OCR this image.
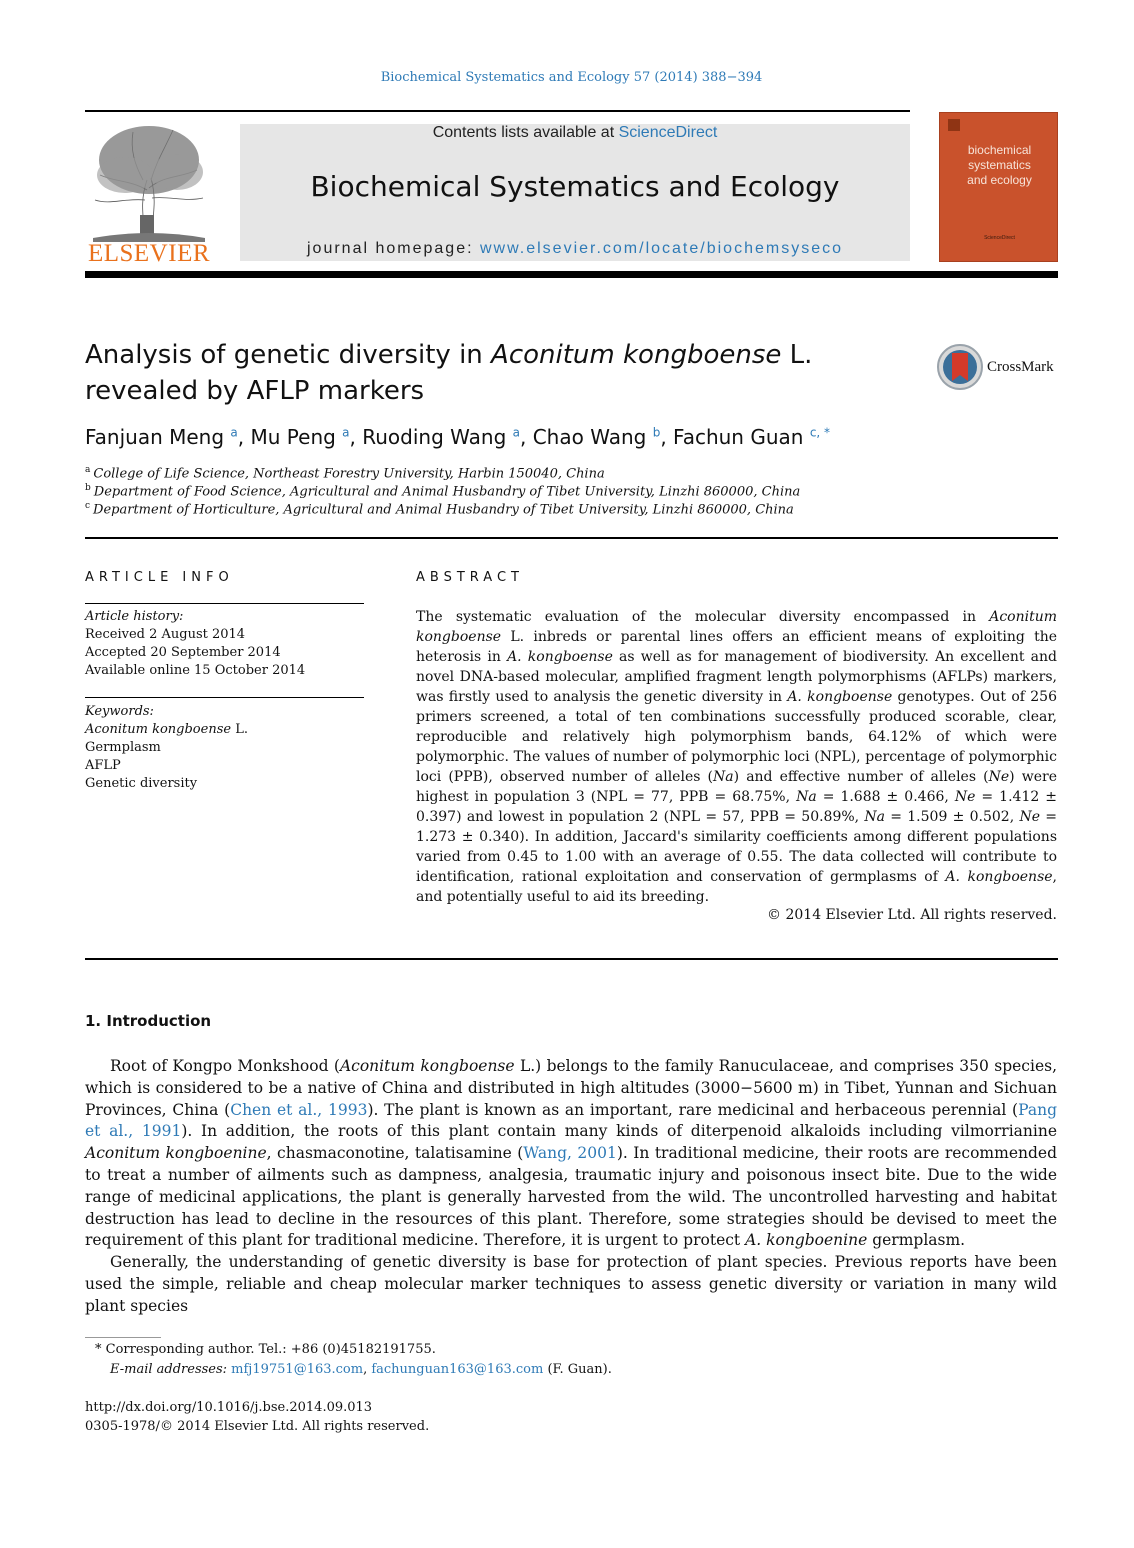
Biochemical Systematics and Ecology 57 (2014) 388−394
ELSEVIER
Contents lists available at ScienceDirect
Biochemical Systematics and Ecology
journal homepage: www.elsevier.com/locate/biochemsyseco
biochemical
systematics
and ecology
ScienceDirect
Analysis of genetic diversity in Aconitum kongboense L.
revealed by AFLP markers
CrossMark
Fanjuan Meng $^a$, Mu Peng $^a$, Ruoding Wang $^a$, Chao Wang $^b$, Fachun Guan $^{c, *}$
$^a$ College of Life Science, Northeast Forestry University, Harbin 150040, China
$^b$ Department of Food Science, Agricultural and Animal Husbandry of Tibet University, Linzhi 860000, China
$^c$ Department of Horticulture, Agricultural and Animal Husbandry of Tibet University, Linzhi 860000, China
ARTICLE INFO
Article history:
Received 2 August 2014
Accepted 20 September 2014
Available online 15 October 2014
Keywords:
Aconitum kongboense L.
Germplasm
AFLP
Genetic diversity
ABSTRACT
The systematic evaluation of the molecular diversity encompassed in Aconitum kongboense L. inbreds or parental lines offers an efficient means of exploiting the heterosis in A. kongboense as well as for management of biodiversity. An excellent and novel DNA-based molecular, amplified fragment length polymorphisms (AFLPs) markers, was firstly used to analysis the genetic diversity in A. kongboense genotypes. Out of 256 primers screened, a total of ten combinations successfully produced scorable, clear, reproducible and relatively high polymorphism bands, 64.12% of which were polymorphic. The values of number of polymorphic loci (NPL), percentage of polymorphic loci (PPB), observed number of alleles (Na) and effective number of alleles (Ne) were highest in population 3 (NPL = 77, PPB = 68.75%, Na = 1.688 ± 0.466, Ne = 1.412 ± 0.397) and lowest in population 2 (NPL = 57, PPB = 50.89%, Na = 1.509 ± 0.502, Ne = 1.273 ± 0.340). In addition, Jaccard's similarity coefficients among different populations varied from 0.45 to 1.00 with an average of 0.55. The data collected will contribute to identification, rational exploitation and conservation of germplasms of A. kongboense, and potentially useful to aid its breeding.
© 2014 Elsevier Ltd. All rights reserved.
1. Introduction

Root of Kongpo Monkshood (Aconitum kongboense L.) belongs to the family Ranuculaceae, and comprises 350 species, which is considered to be a native of China and distributed in high altitudes (3000−5600 m) in Tibet, Yunnan and Sichuan Provinces, China (Chen et al., 1993). The plant is known as an important, rare medicinal and herbaceous perennial (Pang et al., 1991). In addition, the roots of this plant contain many kinds of diterpenoid alkaloids including vilmorrianine Aconitum kongboenine, chasmaconotine, talatisamine (Wang, 2001). In traditional medicine, their roots are recommended to treat a number of ailments such as dampness, analgesia, traumatic injury and poisonous insect bite. Due to the wide range of medicinal applications, the plant is generally harvested from the wild. The uncontrolled harvesting and habitat destruction has lead to decline in the resources of this plant. Therefore, some strategies should be devised to meet the requirement of this plant for traditional medicine. Therefore, it is urgent to protect A. kongboenine germplasm.

Generally, the understanding of genetic diversity is base for protection of plant species. Previous reports have been used the simple, reliable and cheap molecular marker techniques to assess genetic diversity or variation in many wild plant species

* Corresponding author. Tel.: +86 (0)45182191755.
E-mail addresses: mfj19751@163.com, fachunguan163@163.com (F. Guan).
http://dx.doi.org/10.1016/j.bse.2014.09.013
0305-1978/© 2014 Elsevier Ltd. All rights reserved.
